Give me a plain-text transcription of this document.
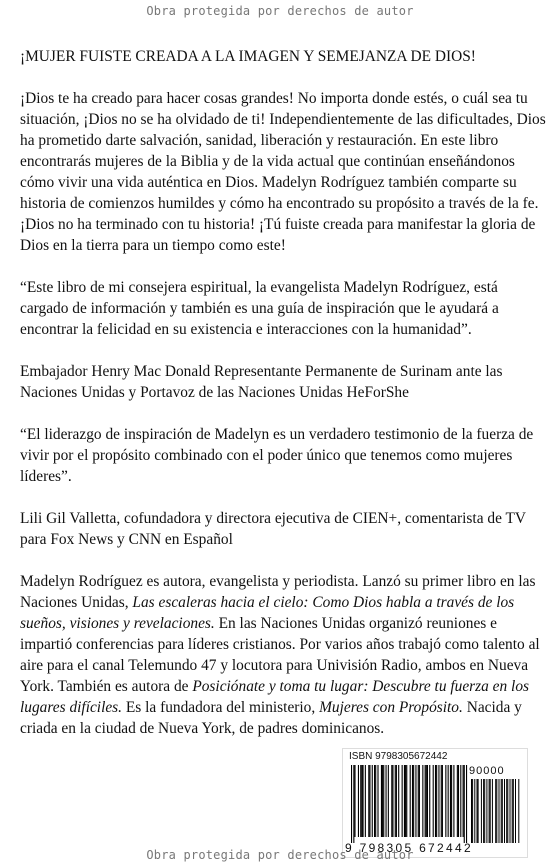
Obra protegida por derechos de autor

¡MUJER FUISTE CREADA A LA IMAGEN Y SEMEJANZA DE DIOS!

¡Dios te ha creado para hacer cosas grandes! No importa donde estés, o cuál sea tu situación, ¡Dios no se ha olvidado de ti! Independientemente de las dificultades, Dios ha prometido darte salvación, sanidad, liberación y restauración. En este libro encontrarás mujeres de la Biblia y de la vida actual que continúan enseñándonos cómo vivir una vida auténtica en Dios. Madelyn Rodríguez también comparte su historia de comienzos humildes y cómo ha encontrado su propósito a través de la fe. ¡Dios no ha terminado con tu historia! ¡Tú fuiste creada para manifestar la gloria de Dios en la tierra para un tiempo como este!

“Este libro de mi consejera espiritual, la evangelista Madelyn Rodríguez, está cargado de información y también es una guía de inspiración que le ayudará a encontrar la felicidad en su existencia e interacciones con la humanidad”.

Embajador Henry Mac Donald Representante Permanente de Surinam ante las Naciones Unidas y Portavoz de las Naciones Unidas HeForShe

“El liderazgo de inspiración de Madelyn es un verdadero testimonio de la fuerza de vivir por el propósito combinado con el poder único que tenemos como mujeres líderes”.

Lili Gil Valletta, cofundadora y directora ejecutiva de CIEN+, comentarista de TV para Fox News y CNN en Español

Madelyn Rodríguez es autora, evangelista y periodista. Lanzó su primer libro en las Naciones Unidas, Las escaleras hacia el cielo: Como Dios habla a través de los sueños, visiones y revelaciones. En las Naciones Unidas organizó reuniones e impartió conferencias para líderes cristianos. Por varios años trabajó como talento al aire para el canal Telemundo 47 y locutora para Univisión Radio, ambos en Nueva York. También es autora de Posiciónate y toma tu lugar: Descubre tu fuerza en los lugares difíciles. Es la fundadora del ministerio, Mujeres con Propósito. Nacida y criada en la ciudad de Nueva York, de padres dominicanos.

ISBN 9798305672442
90000
9 798305 672442
Obra protegida por derechos de autor
